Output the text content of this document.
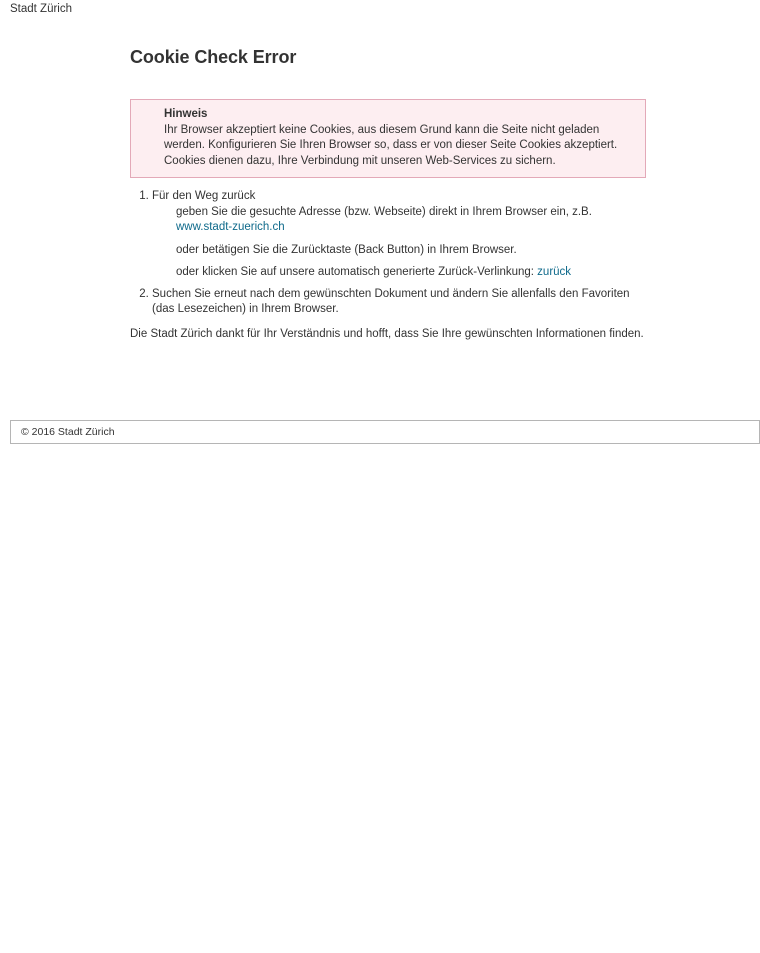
Stadt Zürich
Cookie Check Error
Hinweis
Ihr Browser akzeptiert keine Cookies, aus diesem Grund kann die Seite nicht geladen werden. Konfigurieren Sie Ihren Browser so, dass er von dieser Seite Cookies akzeptiert. Cookies dienen dazu, Ihre Verbindung mit unseren Web-Services zu sichern.
1. Für den Weg zurück
geben Sie die gesuchte Adresse (bzw. Webseite) direkt in Ihrem Browser ein, z.B. www.stadt-zuerich.ch
oder betätigen Sie die Zurücktaste (Back Button) in Ihrem Browser.
oder klicken Sie auf unsere automatisch generierte Zurück-Verlinkung: zurück
2. Suchen Sie erneut nach dem gewünschten Dokument und ändern Sie allenfalls den Favoriten (das Lesezeichen) in Ihrem Browser.

Die Stadt Zürich dankt für Ihr Verständnis und hofft, dass Sie Ihre gewünschten Informationen finden.

© 2016 Stadt Zürich
